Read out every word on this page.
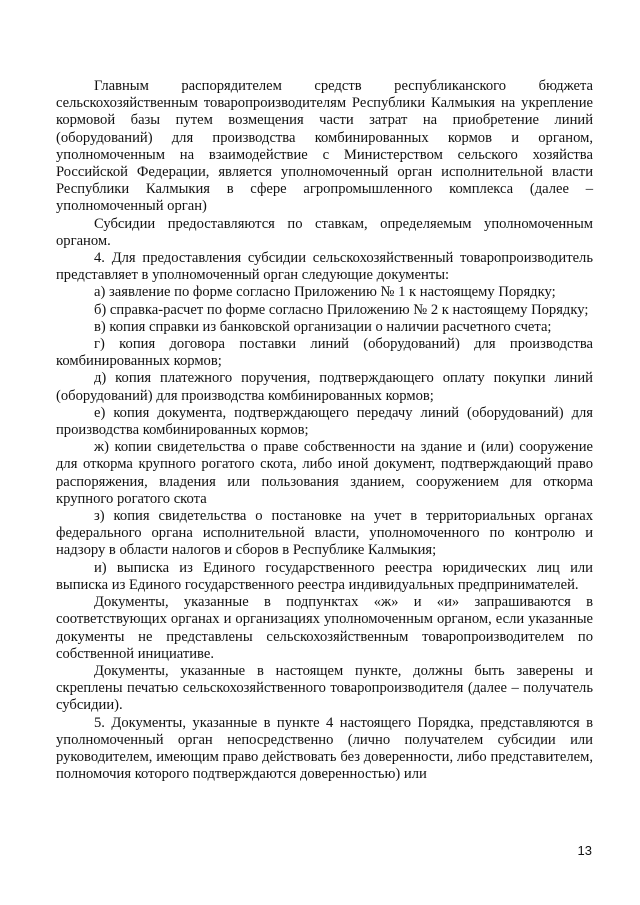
Главным распорядителем средств республиканского бюджета сельскохозяйственным товаропроизводителям Республики Калмыкия на укрепление кормовой базы путем возмещения части затрат на приобретение линий (оборудований) для производства комбинированных кормов и органом, уполномоченным на взаимодействие с Министерством сельского хозяйства Российской Федерации, является уполномоченный орган исполнительной власти Республики Калмыкия в сфере агропромышленного комплекса (далее – уполномоченный орган)

Субсидии предоставляются по ставкам, определяемым уполномоченным органом.

4. Для предоставления субсидии сельскохозяйственный товаропроизводитель представляет в уполномоченный орган следующие документы:

а) заявление по форме согласно Приложению № 1 к настоящему Порядку;

б) справка-расчет по форме согласно Приложению № 2 к настоящему Порядку;

в) копия справки из банковской организации о наличии расчетного счета;

г) копия договора поставки линий (оборудований) для производства комбинированных кормов;

д) копия платежного поручения, подтверждающего оплату покупки линий (оборудований) для производства комбинированных кормов;

е) копия документа, подтверждающего передачу линий (оборудований) для производства комбинированных кормов;

ж) копии свидетельства о праве собственности на здание и (или) сооружение для откорма крупного рогатого скота, либо иной документ, подтверждающий право распоряжения, владения или пользования зданием, сооружением для откорма крупного рогатого скота

з) копия свидетельства о постановке на учет в территориальных органах федерального органа исполнительной власти, уполномоченного по контролю и надзору в области налогов и сборов в Республике Калмыкия;

и) выписка из Единого государственного реестра юридических лиц или выписка из Единого государственного реестра индивидуальных предпринимателей.

Документы, указанные в подпунктах «ж» и «и» запрашиваются в соответствующих органах и организациях уполномоченным органом, если указанные документы не представлены сельскохозяйственным товаропроизводителем по собственной инициативе.

Документы, указанные в настоящем пункте, должны быть заверены и скреплены печатью сельскохозяйственного товаропроизводителя (далее – получатель субсидии).

5. Документы, указанные в пункте 4 настоящего Порядка, представляются в уполномоченный орган непосредственно (лично получателем субсидии или руководителем, имеющим право действовать без доверенности, либо представителем, полномочия которого подтверждаются доверенностью) или

13
